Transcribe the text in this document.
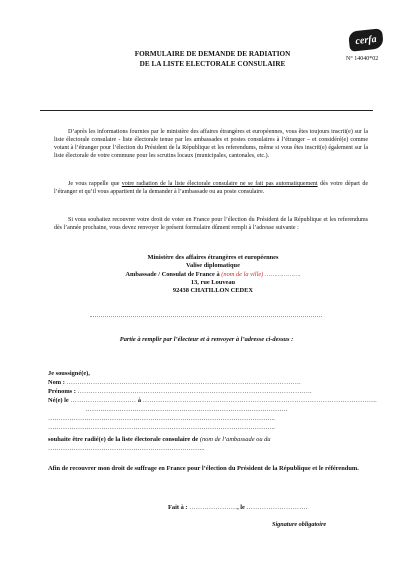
cerfa
N° 14040*02
FORMULAIRE DE DEMANDE DE RADIATION
DE LA LISTE ELECTORALE CONSULAIRE
D’après les informations fournies par le ministère des affaires étrangères et européennes, vous êtes toujours inscrit(e) sur la liste électorale consulaire - liste électorale tenue par les ambassades et postes consulaires à l’étranger – et considéré(e) comme votant à l’étranger pour l’élection du Président de la République et les referendums, même si vous êtes inscrit(e) également sur la liste électorale de votre commune pour les scrutins locaux (municipales, cantonales, etc.).
Je vous rappelle que votre radiation de la liste électorale consulaire ne se fait pas automatiquement dès votre départ de l’étranger et qu’il vous appartient de la demander à l’ambassade ou au poste consulaire.
Si vous souhaitez recouvrer votre droit de voter en France pour l’élection du Président de la République et les referendums dès l’année prochaine, vous devez renvoyer le présent formulaire dûment rempli à l’adresse suivante :
Ministère des affaires étrangères et européennes
Valise diplomatique
Ambassade / Consulat de France à (nom de la ville) ……………….
13, rue Louveau
92438 CHATILLON CEDEX
Partie à remplir par l’électeur et à renvoyer à l’adresse ci-dessus :
Je soussigné(e),
Nom : ……………………………………………………………………………………………..
Prénoms : ……………………………………………………………………………………………..
Né(e) le ………………………… à ……………………………………………………………………………………………..
.………………………………………………………………………………….
……………………………………………………………………………………………..
……………………………………………………………………………………………..
souhaite être radié(e) de la liste électorale consulaire de (nom de l’ambassade ou du
………………………………………………………………..
Afin de recouvrer mon droit de suffrage en France pour l’élection du Président de la République et le référendum.
Fait à : …………………., le ……………………….
Signature obligatoire
